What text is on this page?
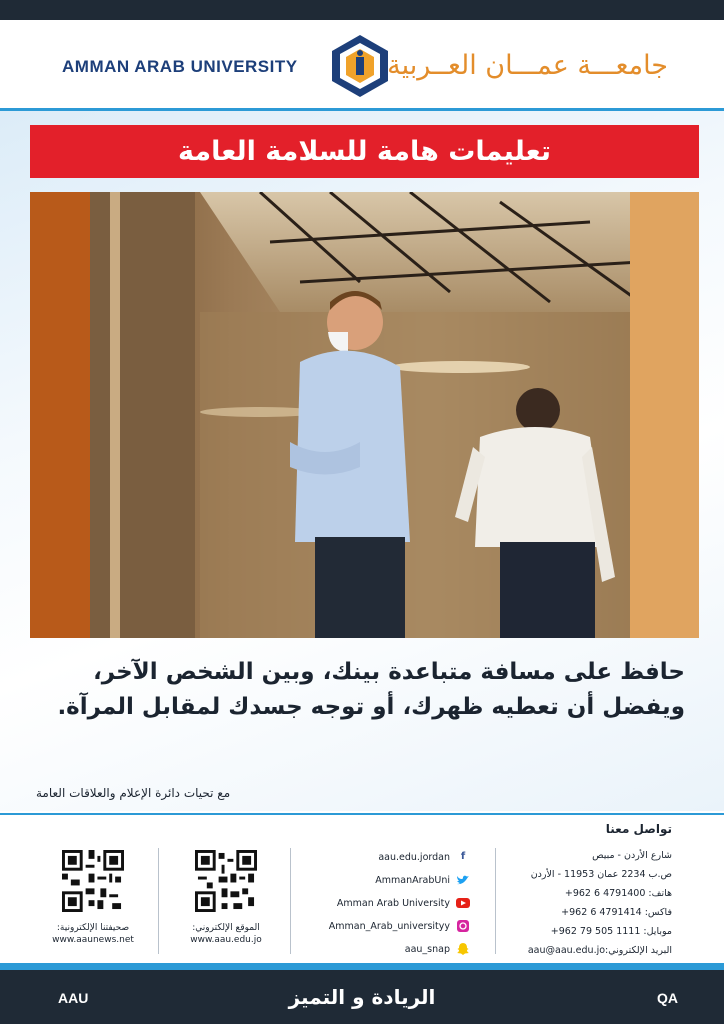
AMMAN ARAB UNIVERSITY	جامعـــة عمـــان العــربية
تعليمات هامة للسلامة العامة
حافظ على مسافة متباعدة بينك، وبين الشخص الآخر،
ويفضل أن تعطيه ظهرك، أو توجه جسدك لمقابل المرآة.
مع تحيات دائرة الإعلام والعلاقات العامة
تواصل معنا
شارع الأردن - مبيص
ص.ب 2234 عمان 11953 - الأردن
هاتف: 4791400 6 962+
فاكس: 4791414 6 962+
موبايل: 1111 505 79 962+
البريد الإلكتروني:aau@aau.edu.jo
aau.edu.jordan	f
AmmanArabUni
Amman Arab University
Amman_Arab_universityy
aau_snap
الموقع الإلكتروني:
www.aau.edu.jo
صحيفتنا الإلكترونية:
www.aaunews.net
AAU	الريادة و التميز	QA
